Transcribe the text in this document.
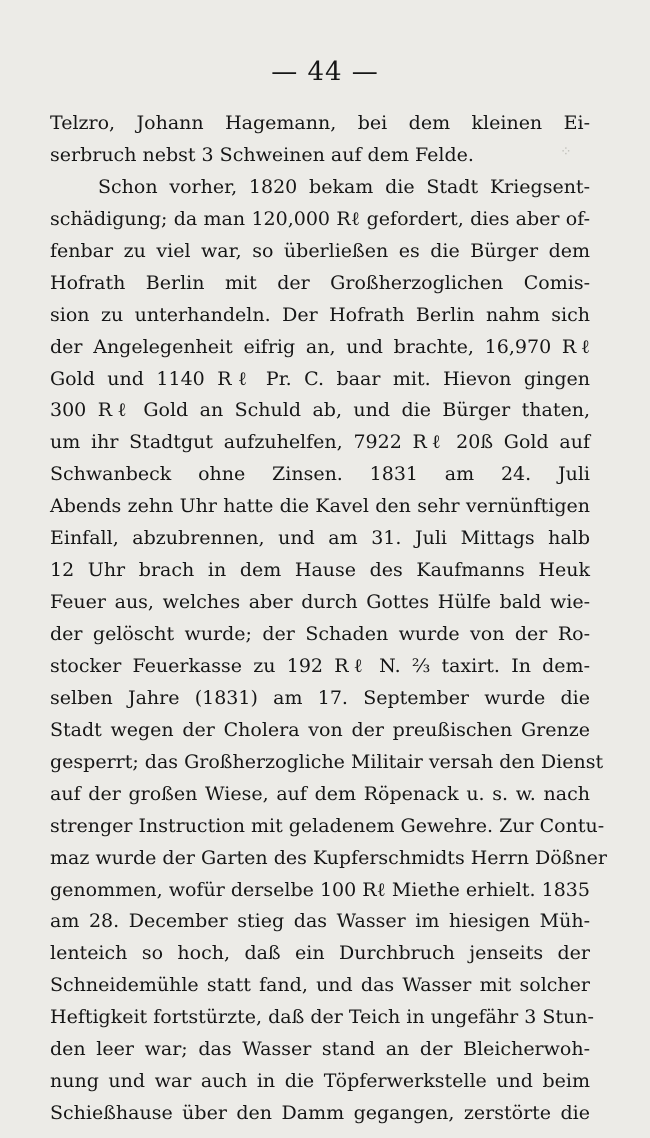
— 44 —
Telzro, Johann Hagemann, bei dem kleinen Ei-
serbruch nebst 3 Schweinen auf dem Felde.
Schon vorher, 1820 bekam die Stadt Kriegsent-
schädigung; da man 120,000 Rℓ gefordert, dies aber of-
fenbar zu viel war, so überließen es die Bürger dem
Hofrath Berlin mit der Großherzoglichen Comis-
sion zu unterhandeln. Der Hofrath Berlin nahm sich
der Angelegenheit eifrig an, und brachte, 16,970 Rℓ
Gold und 1140 Rℓ Pr. C. baar mit. Hievon gingen
300 Rℓ Gold an Schuld ab, und die Bürger thaten,
um ihr Stadtgut aufzuhelfen, 7922 Rℓ 20ß Gold auf
Schwanbeck ohne Zinsen. 1831 am 24. Juli
Abends zehn Uhr hatte die Kavel den sehr vernünftigen
Einfall, abzubrennen, und am 31. Juli Mittags halb
12 Uhr brach in dem Hause des Kaufmanns Heuk
Feuer aus, welches aber durch Gottes Hülfe bald wie-
der gelöscht wurde; der Schaden wurde von der Ro-
stocker Feuerkasse zu 192 Rℓ N. ⅔ taxirt. In dem-
selben Jahre (1831) am 17. September wurde die
Stadt wegen der Cholera von der preußischen Grenze
gesperrt; das Großherzogliche Militair versah den Dienst
auf der großen Wiese, auf dem Röpenack u. s. w. nach
strenger Instruction mit geladenem Gewehre. Zur Contu-
maz wurde der Garten des Kupferschmidts Herrn Dößner
genommen, wofür derselbe 100 Rℓ Miethe erhielt. 1835
am 28. December stieg das Wasser im hiesigen Müh-
lenteich so hoch, daß ein Durchbruch jenseits der
Schneidemühle statt fand, und das Wasser mit solcher
Heftigkeit fortstürzte, daß der Teich in ungefähr 3 Stun-
den leer war; das Wasser stand an der Bleicherwoh-
nung und war auch in die Töpferwerkstelle und beim
Schießhause über den Damm gegangen, zerstörte die
⁘
